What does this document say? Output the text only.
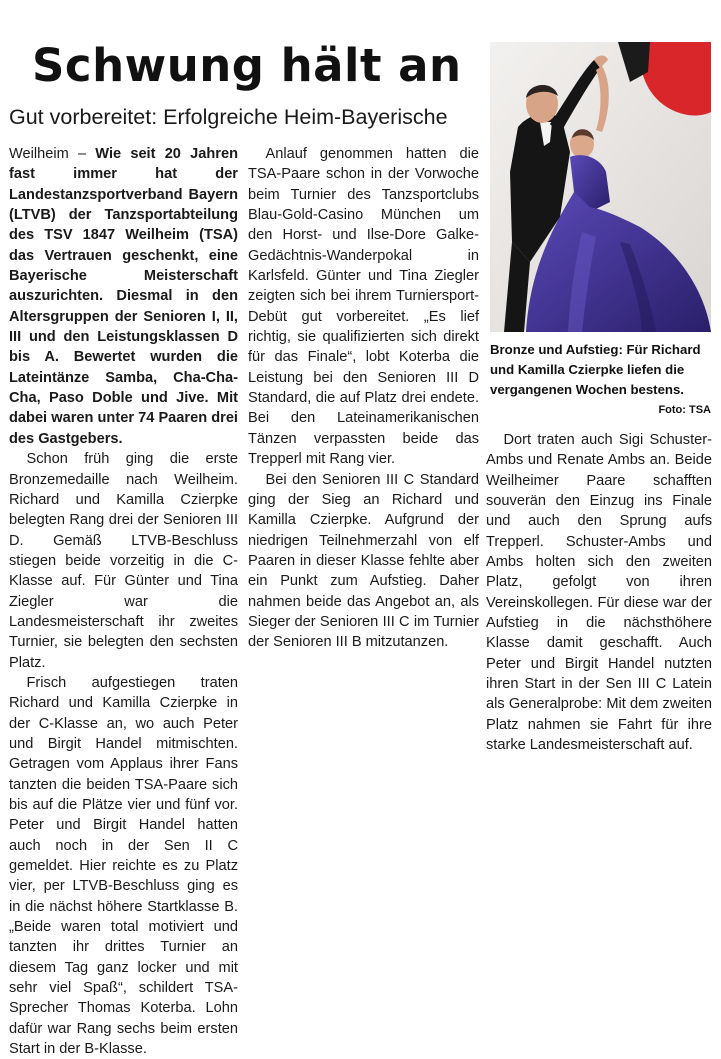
Schwung hält an
Gut vorbereitet: Erfolgreiche Heim-Bayerische
Bronze und Aufstieg: Für Richard und Kamilla Czierpke liefen die vergangenen Wochen bestens.
Foto: TSA

Weilheim – Wie seit 20 Jahren fast immer hat der Landestanzsportverband Bayern (LTVB) der Tanzsportabteilung des TSV 1847 Weilheim (TSA) das Vertrauen geschenkt, eine Bayerische Meisterschaft auszurichten. Diesmal in den Altersgruppen der Senioren I, II, III und den Leistungsklassen D bis A. Bewertet wurden die Lateintänze Samba, Cha-Cha-Cha, Paso Doble und Jive. Mit dabei waren unter 74 Paaren drei des Gastgebers.

Schon früh ging die erste Bronzemedaille nach Weilheim. Richard und Kamilla Czierpke belegten Rang drei der Senioren III D. Gemäß LTVB-Beschluss stiegen beide vorzeitig in die C-Klasse auf. Für Günter und Tina Ziegler war die Landesmeisterschaft ihr zweites Turnier, sie belegten den sechsten Platz.

Frisch aufgestiegen traten Richard und Kamilla Czierpke in der C-Klasse an, wo auch Peter und Birgit Handel mitmischten. Getragen vom Applaus ihrer Fans tanzten die beiden TSA-Paare sich bis auf die Plätze vier und fünf vor. Peter und Birgit Handel hatten auch noch in der Sen II C gemeldet. Hier reichte es zu Platz vier, per LTVB-Beschluss ging es in die nächst höhere Startklasse B. „Beide waren total motiviert und tanzten ihr drittes Turnier an diesem Tag ganz locker und mit sehr viel Spaß“, schildert TSA-Sprecher Thomas Koterba. Lohn dafür war Rang sechs beim ersten Start in der B-Klasse.

Anlauf genommen hatten die TSA-Paare schon in der Vorwoche beim Turnier des Tanzsportclubs Blau-Gold-Casino München um den Horst- und Ilse-Dore Galke-Gedächtnis-Wanderpokal in Karlsfeld. Günter und Tina Ziegler zeigten sich bei ihrem Turniersport-Debüt gut vorbereitet. „Es lief richtig, sie qualifizierten sich direkt für das Finale“, lobt Koterba die Leistung bei den Senioren III D Standard, die auf Platz drei endete. Bei den Lateinamerikanischen Tänzen verpassten beide das Trepperl mit Rang vier.

Bei den Senioren III C Standard ging der Sieg an Richard und Kamilla Czierpke. Aufgrund der niedrigen Teilnehmerzahl von elf Paaren in dieser Klasse fehlte aber ein Punkt zum Aufstieg. Daher nahmen beide das Angebot an, als Sieger der Senioren III C im Turnier der Senioren III B mitzutanzen.

Dort traten auch Sigi Schuster-Ambs und Renate Ambs an. Beide Weilheimer Paare schafften souverän den Einzug ins Finale und auch den Sprung aufs Trepperl. Schuster-Ambs und Ambs holten sich den zweiten Platz, gefolgt von ihren Vereinskollegen. Für diese war der Aufstieg in die nächsthöhere Klasse damit geschafft. Auch Peter und Birgit Handel nutzten ihren Start in der Sen III C Latein als Generalprobe: Mit dem zweiten Platz nahmen sie Fahrt für ihre starke Landesmeisterschaft auf.
